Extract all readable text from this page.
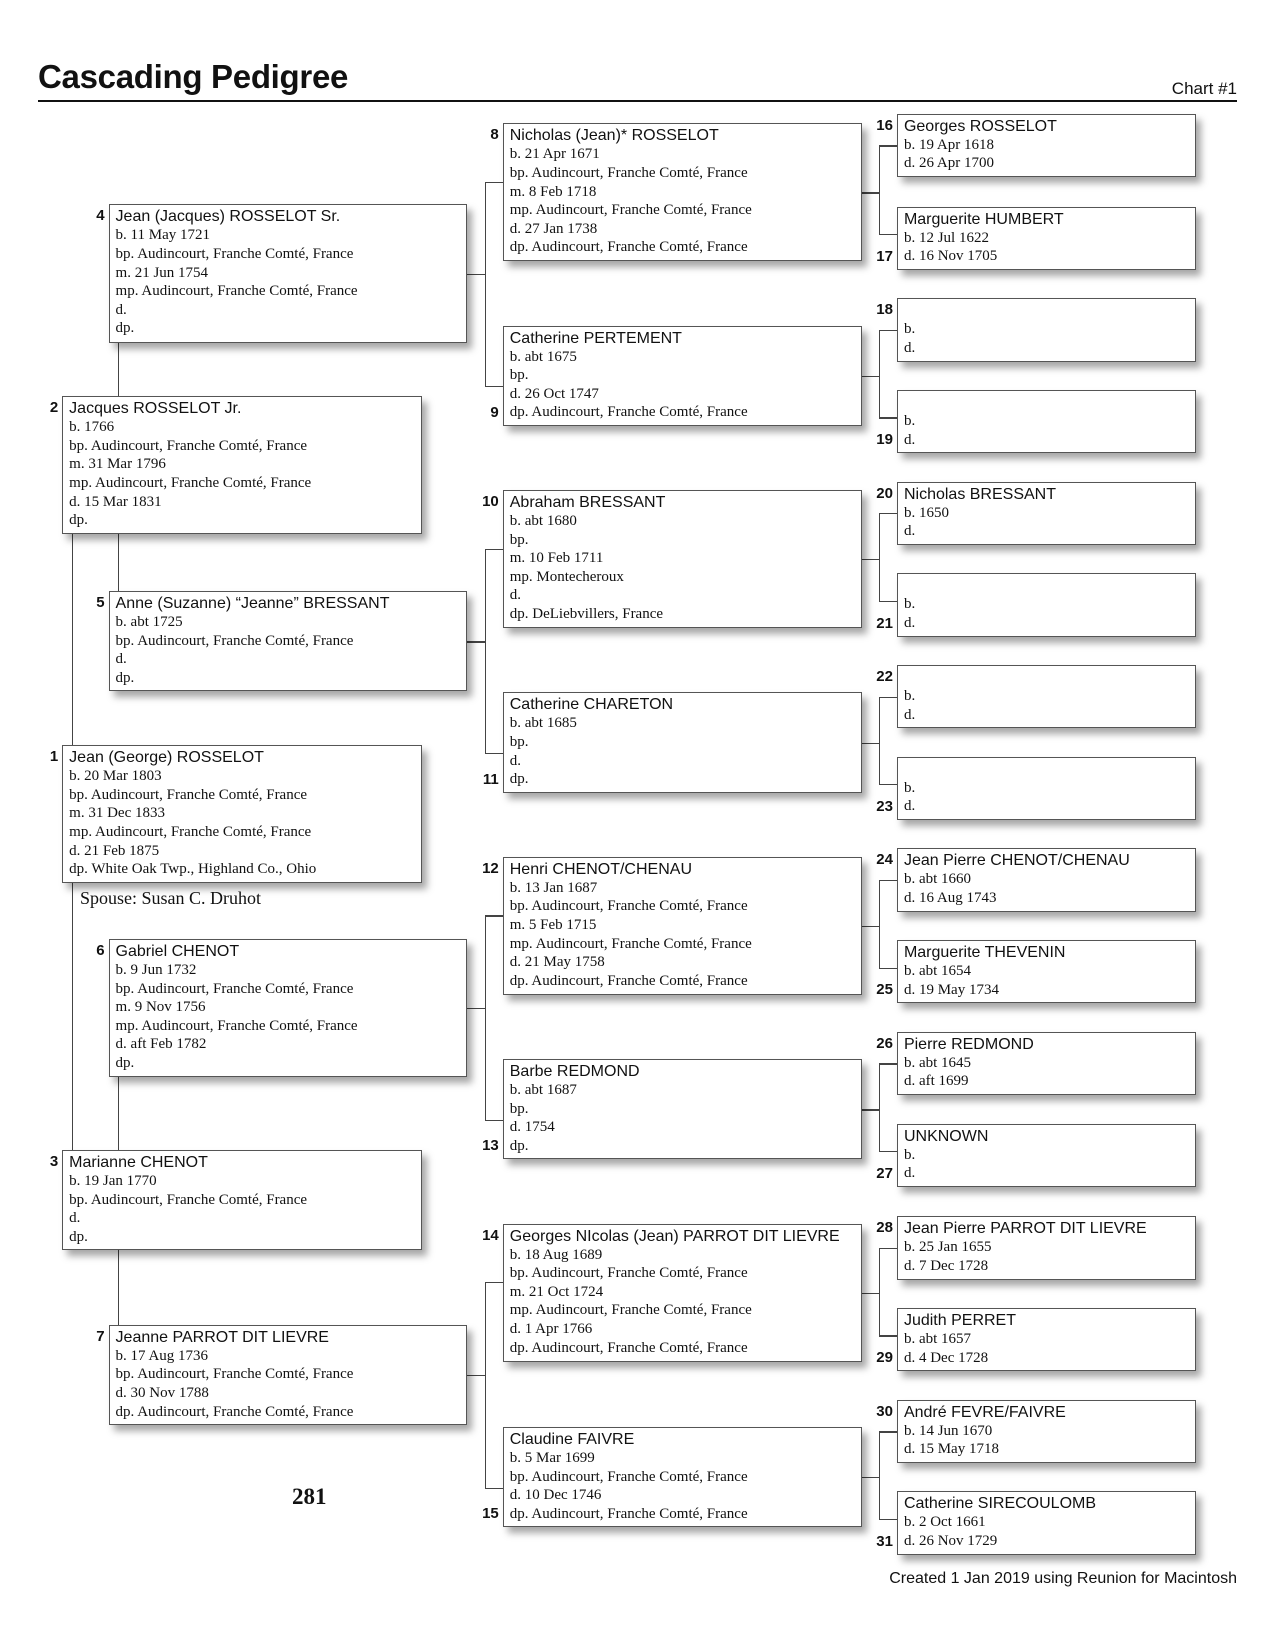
Cascading Pedigree	Chart #1
Jean (George) ROSSELOT
b. 20 Mar 1803
bp. Audincourt, Franche Comté, France
m. 31 Dec 1833
mp. Audincourt, Franche Comté, France
d. 21 Feb 1875
dp. White Oak Twp., Highland Co., Ohio
1
Jacques ROSSELOT Jr.
b. 1766
bp. Audincourt, Franche Comté, France
m. 31 Mar 1796
mp. Audincourt, Franche Comté, France
d. 15 Mar 1831
dp.
2
Marianne CHENOT
b. 19 Jan 1770
bp. Audincourt, Franche Comté, France
d.
dp.
3
Jean (Jacques) ROSSELOT Sr.
b. 11 May 1721
bp. Audincourt, Franche Comté, France
m. 21 Jun 1754
mp. Audincourt, Franche Comté, France
d.
dp.
4
Anne (Suzanne) “Jeanne” BRESSANT
b. abt 1725
bp. Audincourt, Franche Comté, France
d.
dp.
5
Gabriel CHENOT
b. 9 Jun 1732
bp. Audincourt, Franche Comté, France
m. 9 Nov 1756
mp. Audincourt, Franche Comté, France
d. aft Feb 1782
dp.
6
Jeanne PARROT DIT LIEVRE
b. 17 Aug 1736
bp. Audincourt, Franche Comté, France
d. 30 Nov 1788
dp. Audincourt, Franche Comté, France
7
Nicholas (Jean)* ROSSELOT
b. 21 Apr 1671
bp. Audincourt, Franche Comté, France
m. 8 Feb 1718
mp. Audincourt, Franche Comté, France
d. 27 Jan 1738
dp. Audincourt, Franche Comté, France
8
Catherine PERTEMENT
b. abt 1675
bp.
d. 26 Oct 1747
dp. Audincourt, Franche Comté, France
9
Abraham BRESSANT
b. abt 1680
bp.
m. 10 Feb 1711
mp. Montecheroux
d.
dp. DeLiebvillers, France
10
Catherine CHARETON
b. abt 1685
bp.
d.
dp.
11
Henri CHENOT/CHENAU
b. 13 Jan 1687
bp. Audincourt, Franche Comté, France
m. 5 Feb 1715
mp. Audincourt, Franche Comté, France
d. 21 May 1758
dp. Audincourt, Franche Comté, France
12
Barbe REDMOND
b. abt 1687
bp.
d. 1754
dp.
13
Georges NIcolas (Jean) PARROT DIT LIEVRE
b. 18 Aug 1689
bp. Audincourt, Franche Comté, France
m. 21 Oct 1724
mp. Audincourt, Franche Comté, France
d. 1 Apr 1766
dp. Audincourt, Franche Comté, France
14
Claudine FAIVRE
b. 5 Mar 1699
bp. Audincourt, Franche Comté, France
d. 10 Dec 1746
dp. Audincourt, Franche Comté, France
15
Georges ROSSELOT
b. 19 Apr 1618
d. 26 Apr 1700
16
Marguerite HUMBERT
b. 12 Jul 1622
d. 16 Nov 1705
17

b.
d.
18

b.
d.
19
Nicholas BRESSANT
b. 1650
d.
20

b.
d.
21

b.
d.
22

b.
d.
23
Jean Pierre CHENOT/CHENAU
b. abt 1660
d. 16 Aug 1743
24
Marguerite THEVENIN
b. abt 1654
d. 19 May 1734
25
Pierre REDMOND
b. abt 1645
d. aft 1699
26
UNKNOWN
b.
d.
27
Jean Pierre PARROT DIT LIEVRE
b. 25 Jan 1655
d. 7 Dec 1728
28
Judith PERRET
b. abt 1657
d. 4 Dec 1728
29
André FEVRE/FAIVRE
b. 14 Jun 1670
d. 15 May 1718
30
Catherine SIRECOULOMB
b. 2 Oct 1661
d. 26 Nov 1729
31
Spouse: Susan C. Druhot
281
Created 1 Jan 2019 using Reunion for Macintosh
